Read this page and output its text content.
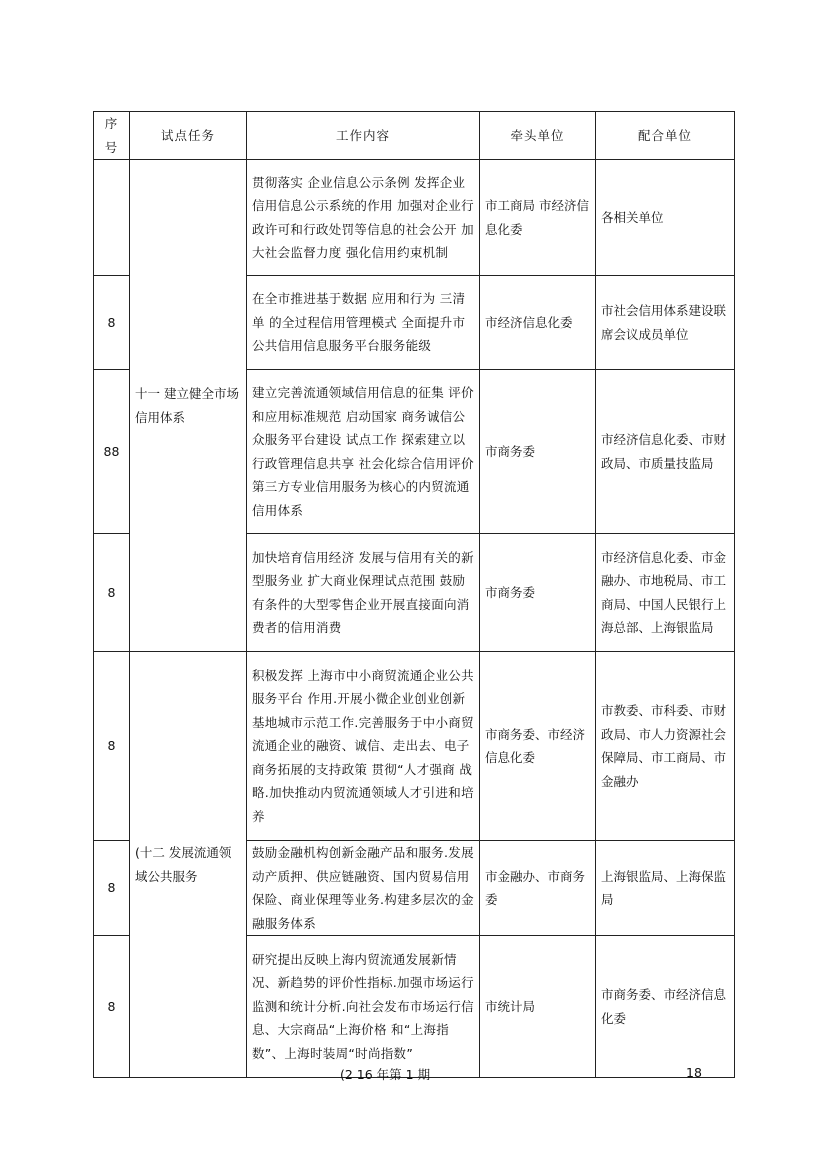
序号	试点任务	工作内容	牵头单位	配合单位
	十一 建立健全市场信用体系	贯彻落实 企业信息公示条例 发挥企业信用信息公示系统的作用 加强对企业行政许可和行政处罚等信息的社会公开 加大社会监督力度 强化信用约束机制	市工商局 市经济信息化委	各相关单位
8		在全市推进基于数据 应用和行为 三清单 的全过程信用管理模式 全面提升市公共信用信息服务平台服务能级	市经济信息化委	市社会信用体系建设联席会议成员单位
88		建立完善流通领域信用信息的征集 评价和应用标准规范 启动国家 商务诚信公众服务平台建设 试点工作 探索建立以行政管理信息共享 社会化综合信用评价 第三方专业信用服务为核心的内贸流通信用体系	市商务委	市经济信息化委、市财政局、市质量技监局
8		加快培育信用经济 发展与信用有关的新型服务业 扩大商业保理试点范围 鼓励有条件的大型零售企业开展直接面向消费者的信用消费	市商务委	市经济信息化委、市金融办、市地税局、市工商局、中国人民银行上海总部、上海银监局
8	(十二 发展流通领域公共服务	积极发挥 上海市中小商贸流通企业公共服务平台 作用.开展小微企业创业创新基地城市示范工作.完善服务于中小商贸流通企业的融资、诚信、走出去、电子商务拓展的支持政策 贯彻“人才强商 战略.加快推动内贸流通领域人才引进和培养	市商务委、市经济信息化委	市教委、市科委、市财政局、市人力资源社会保障局、市工商局、市金融办
8		鼓励金融机构创新金融产品和服务.发展动产质押、供应链融资、国内贸易信用保险、商业保理等业务.构建多层次的金融服务体系	市金融办、市商务委	上海银监局、上海保监局
8		研究提出反映上海内贸流通发展新情况、新趋势的评价性指标.加强市场运行监测和统计分析.向社会发布市场运行信息、大宗商品“上海价格 和“上海指数”、上海时装周“时尚指数”	市统计局	市商务委、市经济信息化委
(2 16 年第 1 期	18
